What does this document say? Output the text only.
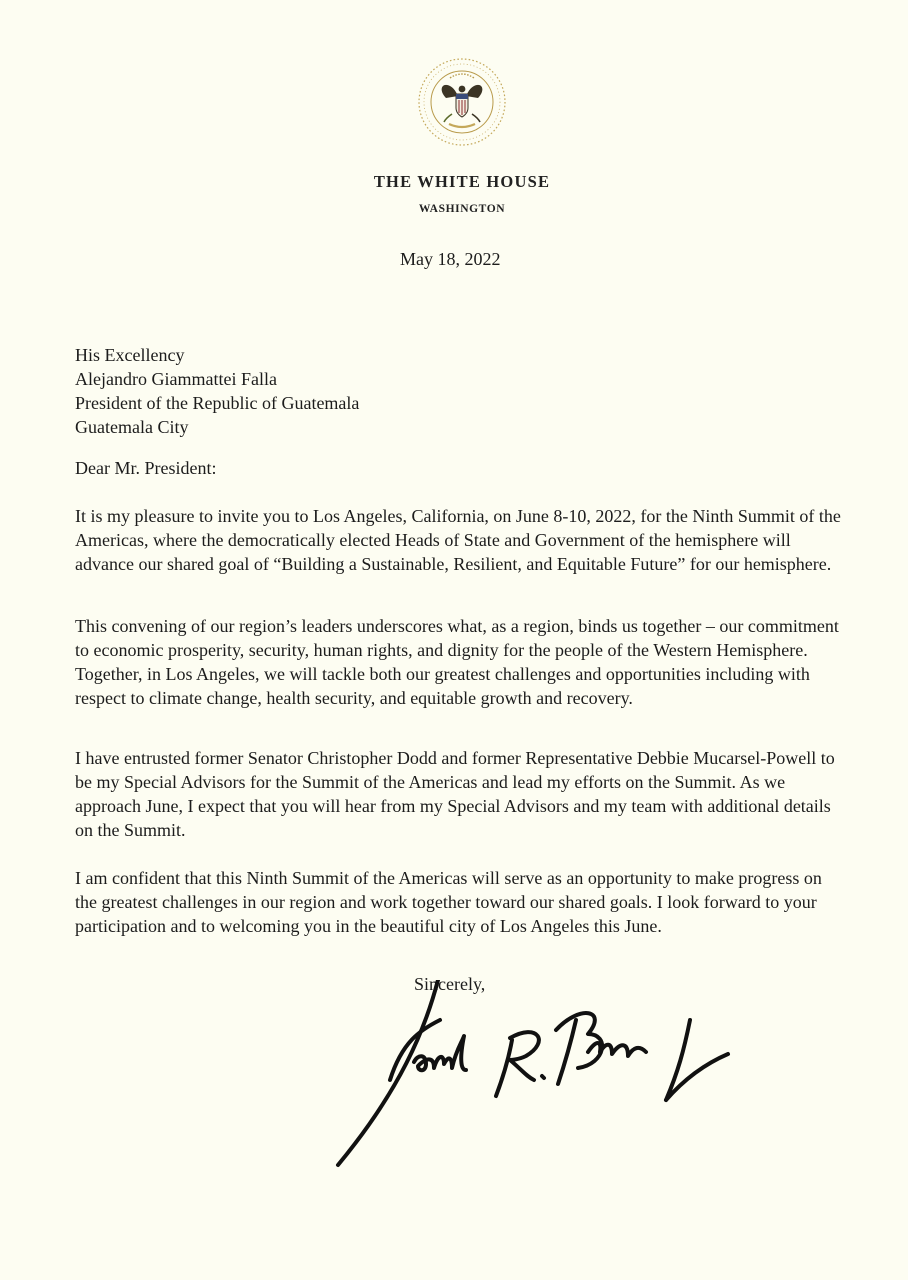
THE WHITE HOUSE
WASHINGTON
May 18, 2022
His Excellency
Alejandro Giammattei Falla
President of the Republic of Guatemala
Guatemala City
Dear Mr. President:

It is my pleasure to invite you to Los Angeles, California, on June 8-10, 2022, for the Ninth Summit of the Americas, where the democratically elected Heads of State and Government of the hemisphere will advance our shared goal of “Building a Sustainable, Resilient, and Equitable Future” for our hemisphere.

This convening of our region’s leaders underscores what, as a region, binds us together – our commitment to economic prosperity, security, human rights, and dignity for the people of the Western Hemisphere. Together, in Los Angeles, we will tackle both our greatest challenges and opportunities including with respect to climate change, health security, and equitable growth and recovery.

I have entrusted former Senator Christopher Dodd and former Representative Debbie Mucarsel-Powell to be my Special Advisors for the Summit of the Americas and lead my efforts on the Summit. As we approach June, I expect that you will hear from my Special Advisors and my team with additional details on the Summit.

I am confident that this Ninth Summit of the Americas will serve as an opportunity to make progress on the greatest challenges in our region and work together toward our shared goals. I look forward to your participation and to welcoming you in the beautiful city of Los Angeles this June.

Sincerely,
